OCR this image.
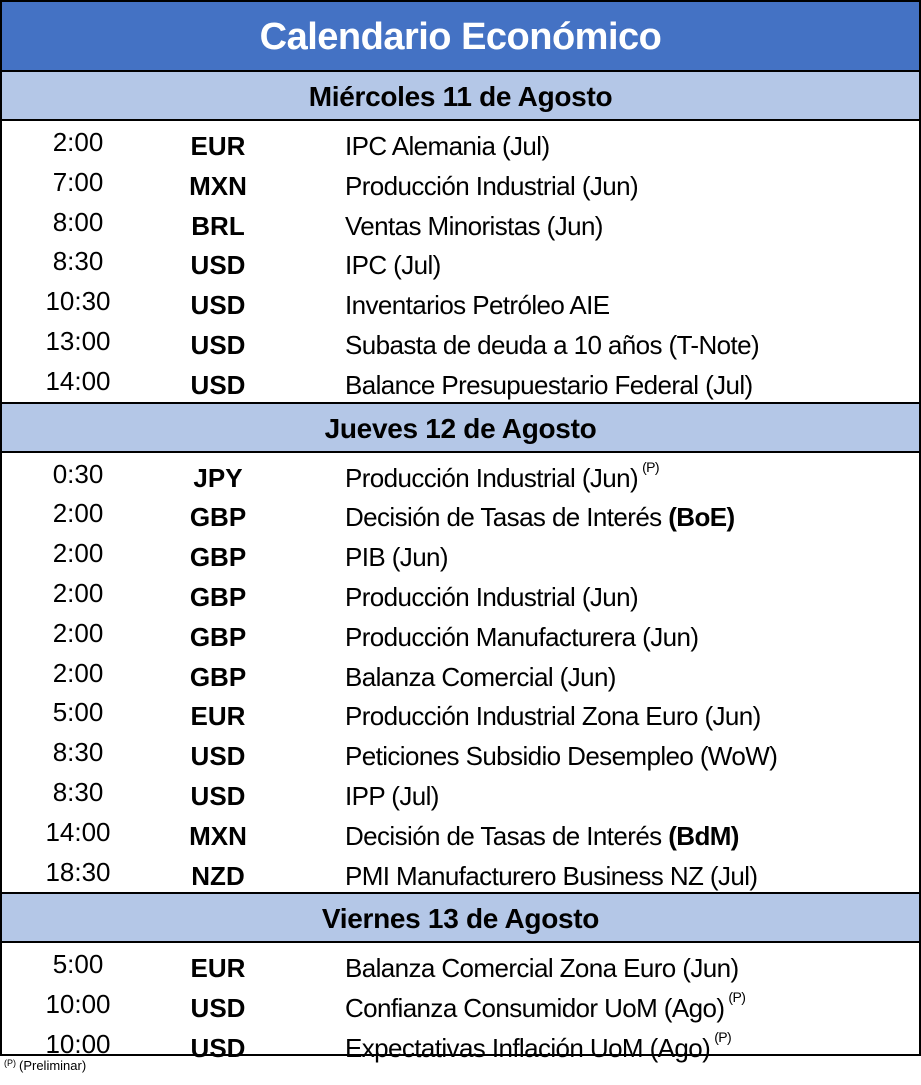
Calendario Económico
Miércoles 11 de Agosto
2:00	EUR	IPC Alemania (Jul)
7:00	MXN	Producción Industrial (Jun)
8:00	BRL	Ventas Minoristas (Jun)
8:30	USD	IPC (Jul)
10:30	USD	Inventarios Petróleo AIE
13:00	USD	Subasta de deuda a 10 años (T-Note)
14:00	USD	Balance Presupuestario Federal (Jul)
Jueves 12 de Agosto
0:30	JPY	Producción Industrial (Jun) $^{(P)}$
2:00	GBP	Decisión de Tasas de Interés (BoE)
2:00	GBP	PIB (Jun)
2:00	GBP	Producción Industrial (Jun)
2:00	GBP	Producción Manufacturera (Jun)
2:00	GBP	Balanza Comercial (Jun)
5:00	EUR	Producción Industrial Zona Euro (Jun)
8:30	USD	Peticiones Subsidio Desempleo (WoW)
8:30	USD	IPP (Jul)
14:00	MXN	Decisión de Tasas de Interés (BdM)
18:30	NZD	PMI Manufacturero Business NZ (Jul)
Viernes 13 de Agosto
5:00	EUR	Balanza Comercial Zona Euro (Jun)
10:00	USD	Confianza Consumidor UoM (Ago) $^{(P)}$
10:00	USD	Expectativas Inflación UoM (Ago) $^{(P)}$
$^{(P)}$ (Preliminar)
